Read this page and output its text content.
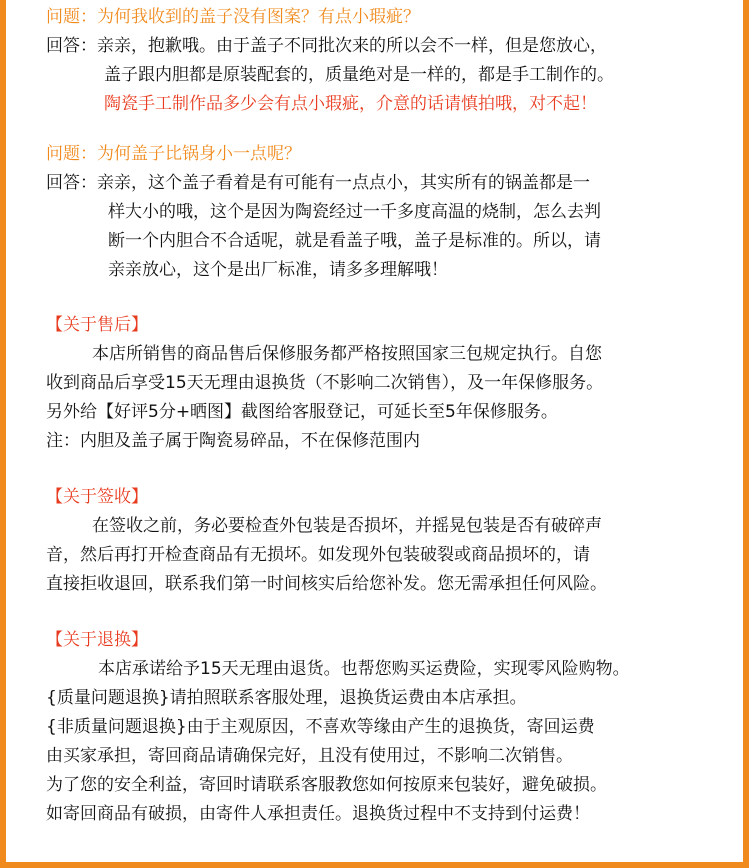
问题：为何我收到的盖子没有图案？有点小瑕疵？
回答：亲亲，抱歉哦。由于盖子不同批次来的所以会不一样，但是您放心，
盖子跟内胆都是原装配套的，质量绝对是一样的，都是手工制作的。
陶瓷手工制作品多少会有点小瑕疵，介意的话请慎拍哦，对不起！
问题：为何盖子比锅身小一点呢？
回答：亲亲，这个盖子看着是有可能有一点点小，其实所有的锅盖都是一
样大小的哦，这个是因为陶瓷经过一千多度高温的烧制，怎么去判
断一个内胆合不合适呢，就是看盖子哦，盖子是标准的。所以，请
亲亲放心，这个是出厂标准，请多多理解哦！
【关于售后】
本店所销售的商品售后保修服务都严格按照国家三包规定执行。自您
收到商品后享受15天无理由退换货（不影响二次销售），及一年保修服务。
另外给【好评5分+晒图】截图给客服登记，可延长至5年保修服务。
注：内胆及盖子属于陶瓷易碎品，不在保修范围内
【关于签收】
在签收之前，务必要检查外包装是否损坏，并摇晃包装是否有破碎声
音，然后再打开检查商品有无损坏。如发现外包装破裂或商品损坏的，请
直接拒收退回，联系我们第一时间核实后给您补发。您无需承担任何风险。
【关于退换】
本店承诺给予15天无理由退货。也帮您购买运费险，实现零风险购物。
{质量问题退换}请拍照联系客服处理，退换货运费由本店承担。
{非质量问题退换}由于主观原因，不喜欢等缘由产生的退换货，寄回运费
由买家承担，寄回商品请确保完好，且没有使用过，不影响二次销售。
为了您的安全利益，寄回时请联系客服教您如何按原来包装好，避免破损。
如寄回商品有破损，由寄件人承担责任。退换货过程中不支持到付运费！
